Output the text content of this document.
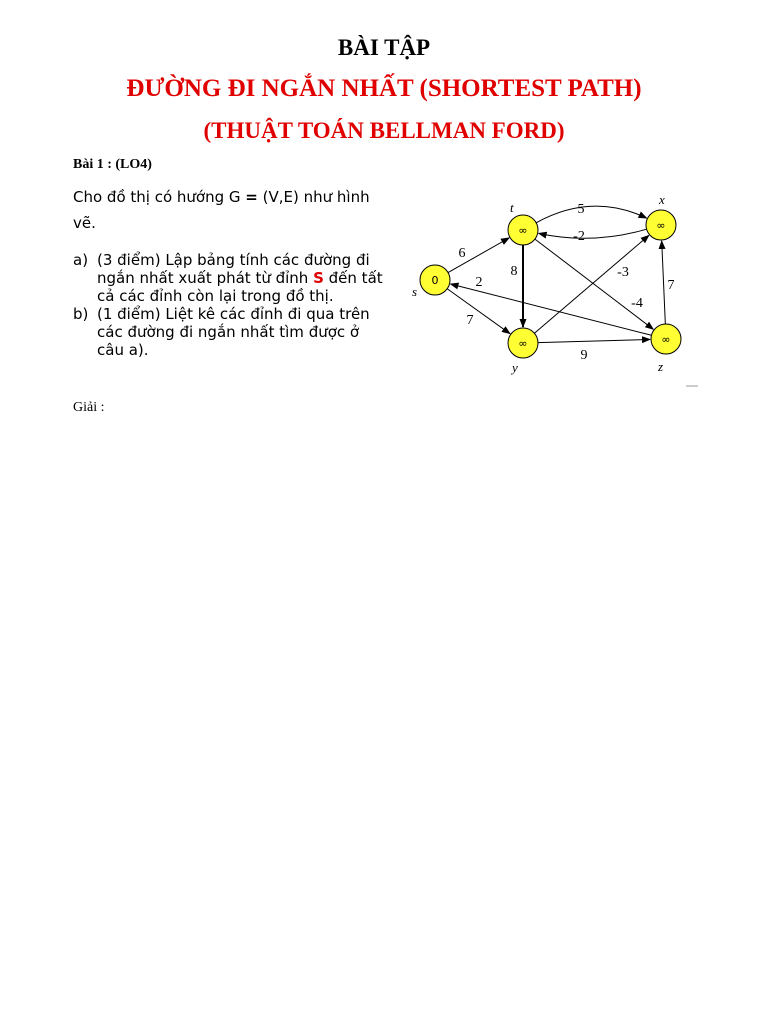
BÀI TẬP
ĐƯỜNG ĐI NGẮN NHẤT (SHORTEST PATH)
(THUẬT TOÁN BELLMAN FORD)
Bài 1 : (LO4)
Cho đồ thị có hướng G = (V,E) như hình vẽ.
a) (3 điểm) Lập bảng tính các đường đi ngắn nhất xuất phát từ đỉnh S đến tất cả các đỉnh còn lại trong đồ thị.
b) (1 điểm) Liệt kê các đỉnh đi qua trên các đường đi ngắn nhất tìm được ở câu a).
Giải :
6
7
5
-2
8	-3
-4
7
2
9
0
s
∞
t
∞
x
∞
y
∞
z
